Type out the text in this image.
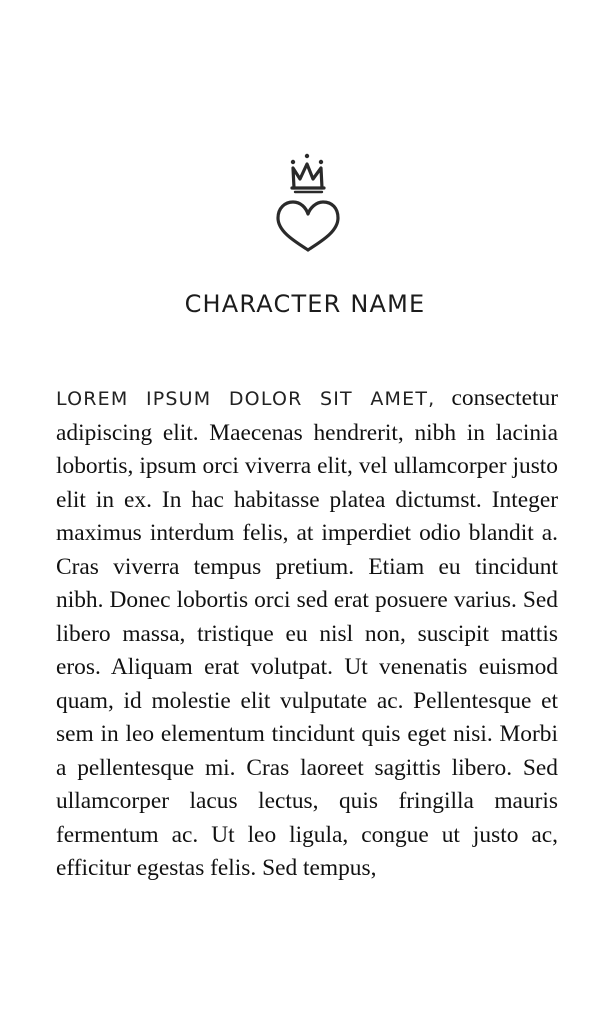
CHARACTER NAME

LOREM IPSUM DOLOR SIT AMET, consectetur adipiscing elit. Maecenas hendrerit, nibh in lacinia lobortis, ipsum orci viverra elit, vel ullamcorper justo elit in ex. In hac habitasse platea dictumst. Integer maximus interdum felis, at imperdiet odio blandit a. Cras viverra tempus pretium. Etiam eu tincidunt nibh. Donec lobortis orci sed erat posuere varius. Sed libero massa, tristique eu nisl non, suscipit mattis eros. Aliquam erat volutpat. Ut venenatis euismod quam, id molestie elit vulputate ac. Pellentesque et sem in leo elementum tincidunt quis eget nisi. Morbi a pellentesque mi. Cras laoreet sagittis libero. Sed ullamcorper lacus lectus, quis fringilla mauris fermentum ac. Ut leo ligula, congue ut justo ac, efficitur egestas felis. Sed tempus,
